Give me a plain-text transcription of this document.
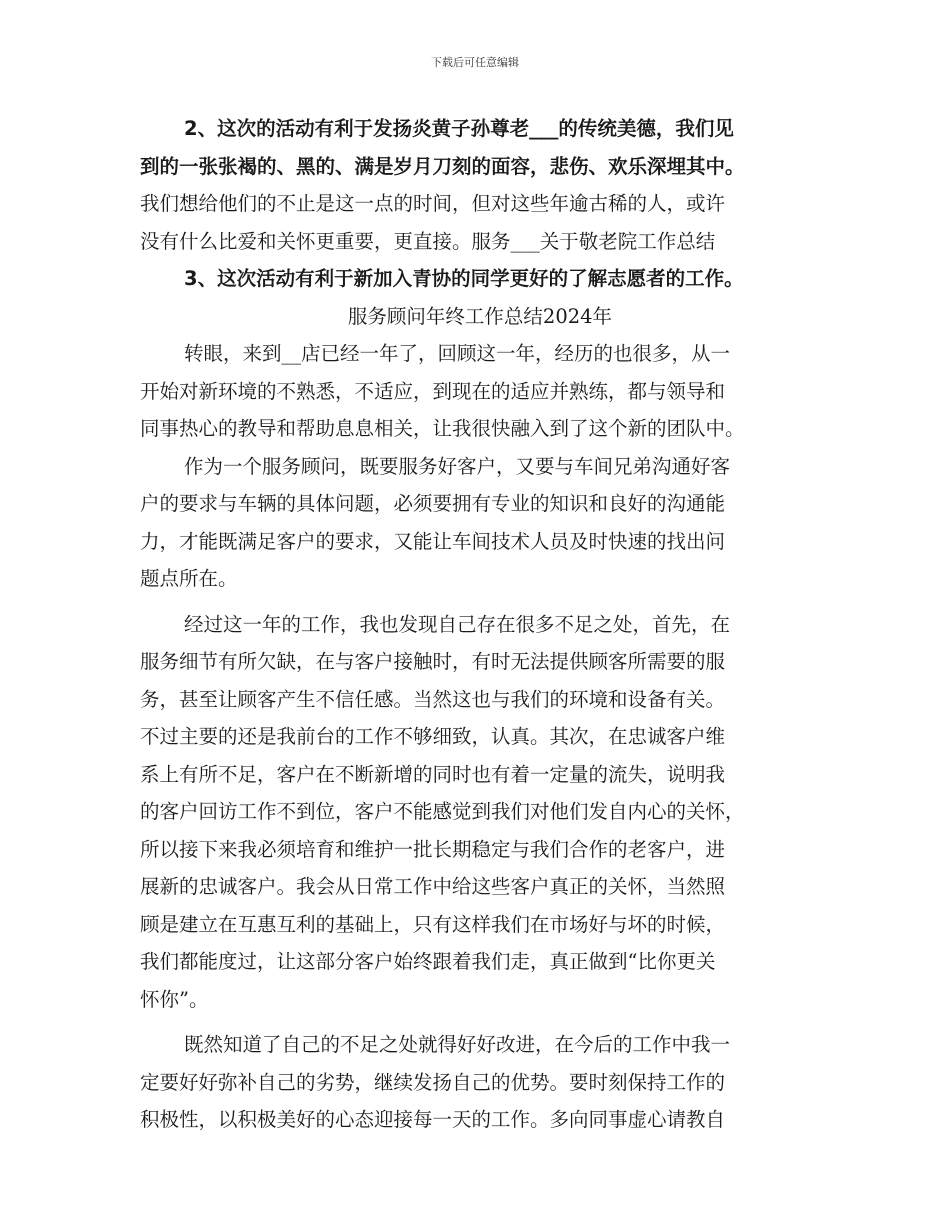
下载后可任意编辑
2、这次的活动有利于发扬炎黄子孙尊老___的传统美德，我们见
到的一张张褐的、黑的、满是岁月刀刻的面容，悲伤、欢乐深埋其中。
我们想给他们的不止是这一点的时间，但对这些年逾古稀的人，或许
没有什么比爱和关怀更重要，更直接。服务___关于敬老院工作总结
3、这次活动有利于新加入青协的同学更好的了解志愿者的工作。
服务顾问年终工作总结2024年
转眼，来到__店已经一年了，回顾这一年，经历的也很多，从一
开始对新环境的不熟悉，不适应，到现在的适应并熟练，都与领导和
同事热心的教导和帮助息息相关，让我很快融入到了这个新的团队中。
作为一个服务顾问，既要服务好客户，又要与车间兄弟沟通好客
户的要求与车辆的具体问题，必须要拥有专业的知识和良好的沟通能
力，才能既满足客户的要求，又能让车间技术人员及时快速的找出问
题点所在。
经过这一年的工作，我也发现自己存在很多不足之处，首先，在
服务细节有所欠缺，在与客户接触时，有时无法提供顾客所需要的服
务，甚至让顾客产生不信任感。当然这也与我们的环境和设备有关。
不过主要的还是我前台的工作不够细致，认真。其次，在忠诚客户维
系上有所不足，客户在不断新增的同时也有着一定量的流失，说明我
的客户回访工作不到位，客户不能感觉到我们对他们发自内心的关怀，
所以接下来我必须培育和维护一批长期稳定与我们合作的老客户，进
展新的忠诚客户。我会从日常工作中给这些客户真正的关怀，当然照
顾是建立在互惠互利的基础上，只有这样我们在市场好与坏的时候，
我们都能度过，让这部分客户始终跟着我们走，真正做到“比你更关
怀你”。
既然知道了自己的不足之处就得好好改进，在今后的工作中我一
定要好好弥补自己的劣势，继续发扬自己的优势。要时刻保持工作的
积极性，以积极美好的心态迎接每一天的工作。多向同事虚心请教自
